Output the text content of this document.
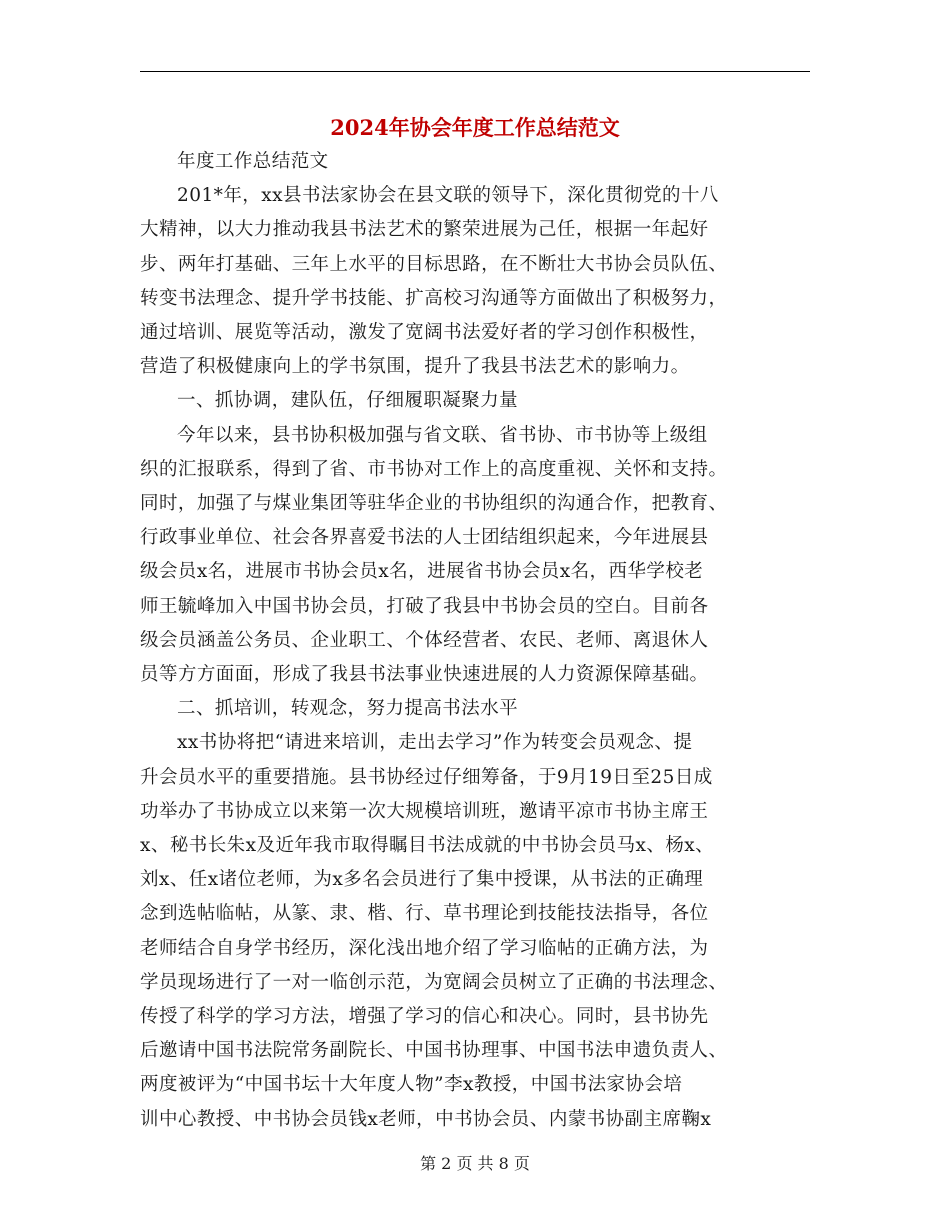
2024年协会年度工作总结范文

年度工作总结范文

201*年，xx县书法家协会在县文联的领导下，深化贯彻党的十八
大精神，以大力推动我县书法艺术的繁荣进展为己任，根据一年起好
步、两年打基础、三年上水平的目标思路，在不断壮大书协会员队伍、
转变书法理念、提升学书技能、扩高校习沟通等方面做出了积极努力，
通过培训、展览等活动，激发了宽阔书法爱好者的学习创作积极性，
营造了积极健康向上的学书氛围，提升了我县书法艺术的影响力。

一、抓协调，建队伍，仔细履职凝聚力量

今年以来，县书协积极加强与省文联、省书协、市书协等上级组
织的汇报联系，得到了省、市书协对工作上的高度重视、关怀和支持。
同时，加强了与煤业集团等驻华企业的书协组织的沟通合作，把教育、
行政事业单位、社会各界喜爱书法的人士团结组织起来，今年进展县
级会员x名，进展市书协会员x名，进展省书协会员x名，西华学校老
师王毓峰加入中国书协会员，打破了我县中书协会员的空白。目前各
级会员涵盖公务员、企业职工、个体经营者、农民、老师、离退休人
员等方方面面，形成了我县书法事业快速进展的人力资源保障基础。

二、抓培训，转观念，努力提高书法水平

xx书协将把“请进来培训，走出去学习”作为转变会员观念、提
升会员水平的重要措施。县书协经过仔细筹备，于9月19日至25日成
功举办了书协成立以来第一次大规模培训班，邀请平凉市书协主席王
x、秘书长朱x及近年我市取得瞩目书法成就的中书协会员马x、杨x、
刘x、任x诸位老师，为x多名会员进行了集中授课，从书法的正确理
念到选帖临帖，从篆、隶、楷、行、草书理论到技能技法指导，各位
老师结合自身学书经历，深化浅出地介绍了学习临帖的正确方法，为
学员现场进行了一对一临创示范，为宽阔会员树立了正确的书法理念、
传授了科学的学习方法，增强了学习的信心和决心。同时，县书协先
后邀请中国书法院常务副院长、中国书协理事、中国书法申遗负责人、
两度被评为“中国书坛十大年度人物”李x教授，中国书法家协会培
训中心教授、中书协会员钱x老师，中书协会员、内蒙书协副主席鞠x

第 2 页 共 8 页
